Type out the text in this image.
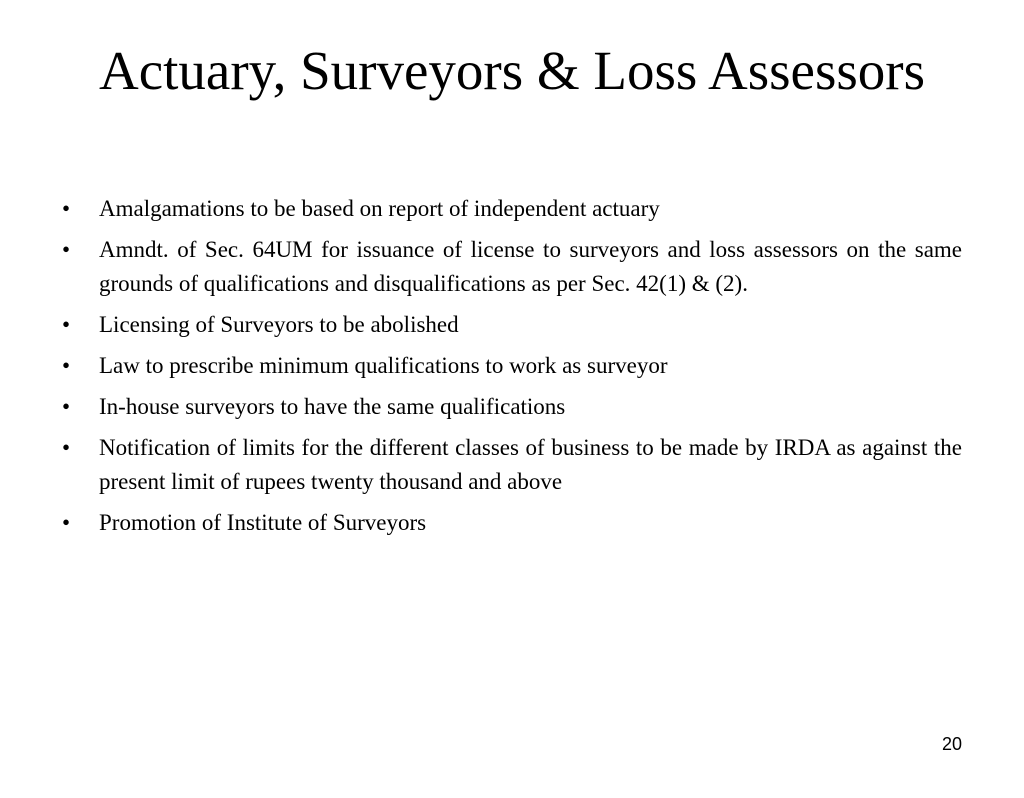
Actuary, Surveyors & Loss Assessors
•	Amalgamations to be based on report of independent actuary
•	Amndt. of Sec. 64UM for issuance of license to surveyors and loss assessors on the same grounds of qualifications and disqualifications as per Sec. 42(1) & (2).
•	Licensing of Surveyors to be abolished
•	Law to prescribe minimum qualifications to work as surveyor
•	In-house surveyors to have the same qualifications
•	Notification of limits for the different classes of business to be made by IRDA as against the present limit of rupees twenty thousand and above
•	Promotion of Institute of Surveyors
20
